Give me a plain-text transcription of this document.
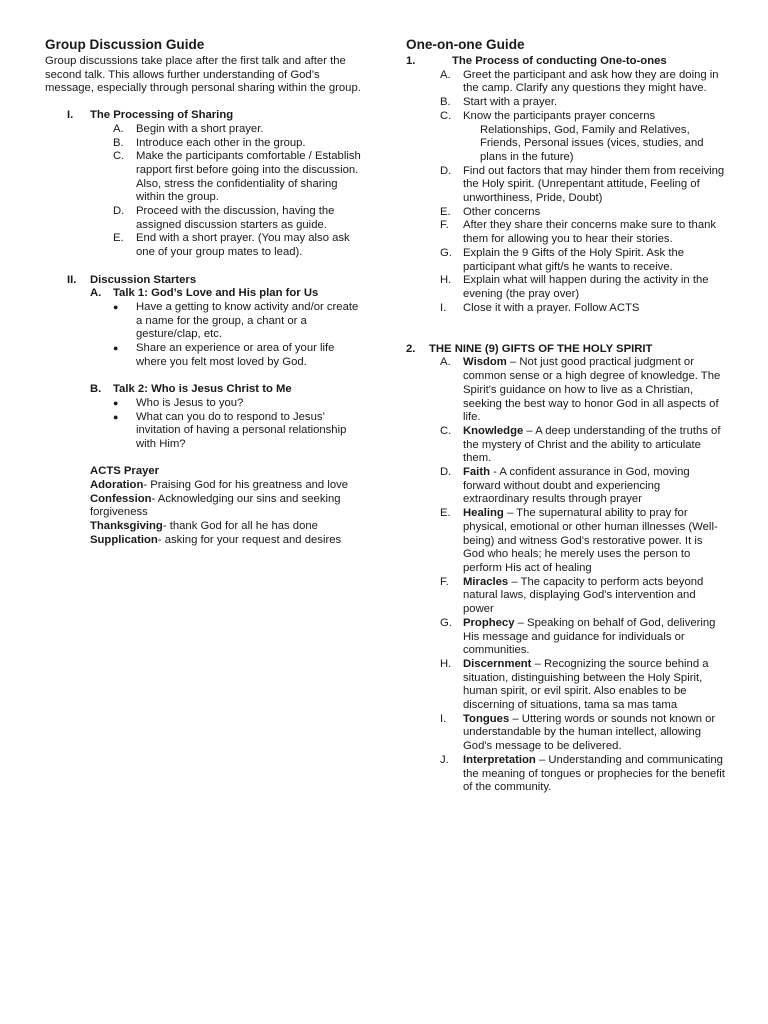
Group Discussion Guide

Group discussions take place after the first talk and after the second talk. This allows further understanding of God’s message, especially through personal sharing within the group.

I.	The Processing of Sharing
A.	Begin with a short prayer.
B.	Introduce each other in the group.
C.	Make the participants comfortable / Establish rapport first before going into the discussion. Also, stress the confidentiality of sharing within the group.
D.	Proceed with the discussion, having the assigned discussion starters as guide.
E.	End with a short prayer. (You may also ask one of your group mates to lead).
II.	Discussion Starters
A.	Talk 1: God’s Love and His plan for Us
●	Have a getting to know activity and/or create a name for the group, a chant or a gesture/clap, etc.
●	Share an experience or area of your life where you felt most loved by God.
B.	Talk 2: Who is Jesus Christ to Me
●	Who is Jesus to you?
●	What can you do to respond to Jesus’ invitation of having a personal relationship with Him?

ACTS Prayer

Adoration- Praising God for his greatness and love

Confession- Acknowledging our sins and seeking forgiveness

Thanksgiving- thank God for all he has done

Supplication- asking for your request and desires

One-on-one Guide
1.	The Process of conducting One-to-ones
A.	Greet the participant and ask how they are doing in the camp. Clarify any questions they might have.
B.	Start with a prayer.
C.	Know the participants prayer concerns
Relationships, God, Family and Relatives, Friends, Personal issues (vices, studies, and plans in the future)
D.	Find out factors that may hinder them from receiving the Holy spirit. (Unrepentant attitude, Feeling of unworthiness, Pride, Doubt)
E.	Other concerns
F.	After they share their concerns make sure to thank them for allowing you to hear their stories.
G. Explain the 9 Gifts of the Holy Spirit. Ask the participant what gift/s he wants to receive.
H.	Explain what will happen during the activity in the evening (the pray over)
I.	Close it with a prayer. Follow ACTS
2.	THE NINE (9) GIFTS OF THE HOLY SPIRIT
A.	Wisdom – Not just good practical judgment or common sense or a high degree of knowledge. The Spirit's guidance on how to live as a Christian, seeking the best way to honor God in all aspects of life.
C.	Knowledge – A deep understanding of the truths of the mystery of Christ and the ability to articulate them.
D.	Faith - A confident assurance in God, moving forward without doubt and experiencing extraordinary results through prayer
E.	Healing – The supernatural ability to pray for physical, emotional or other human illnesses (Well-being) and witness God's restorative power. It is God who heals; he merely uses the person to perform His act of healing
F.	Miracles – The capacity to perform acts beyond natural laws, displaying God's intervention and power
G. Prophecy – Speaking on behalf of God, delivering His message and guidance for individuals or communities.
H.	Discernment – Recognizing the source behind a situation, distinguishing between the Holy Spirit, human spirit, or evil spirit. Also enables to be discerning of situations, tama sa mas tama
I.	Tongues – Uttering words or sounds not known or understandable by the human intellect, allowing God's message to be delivered.
J.	Interpretation – Understanding and communicating the meaning of tongues or prophecies for the benefit of the community.
